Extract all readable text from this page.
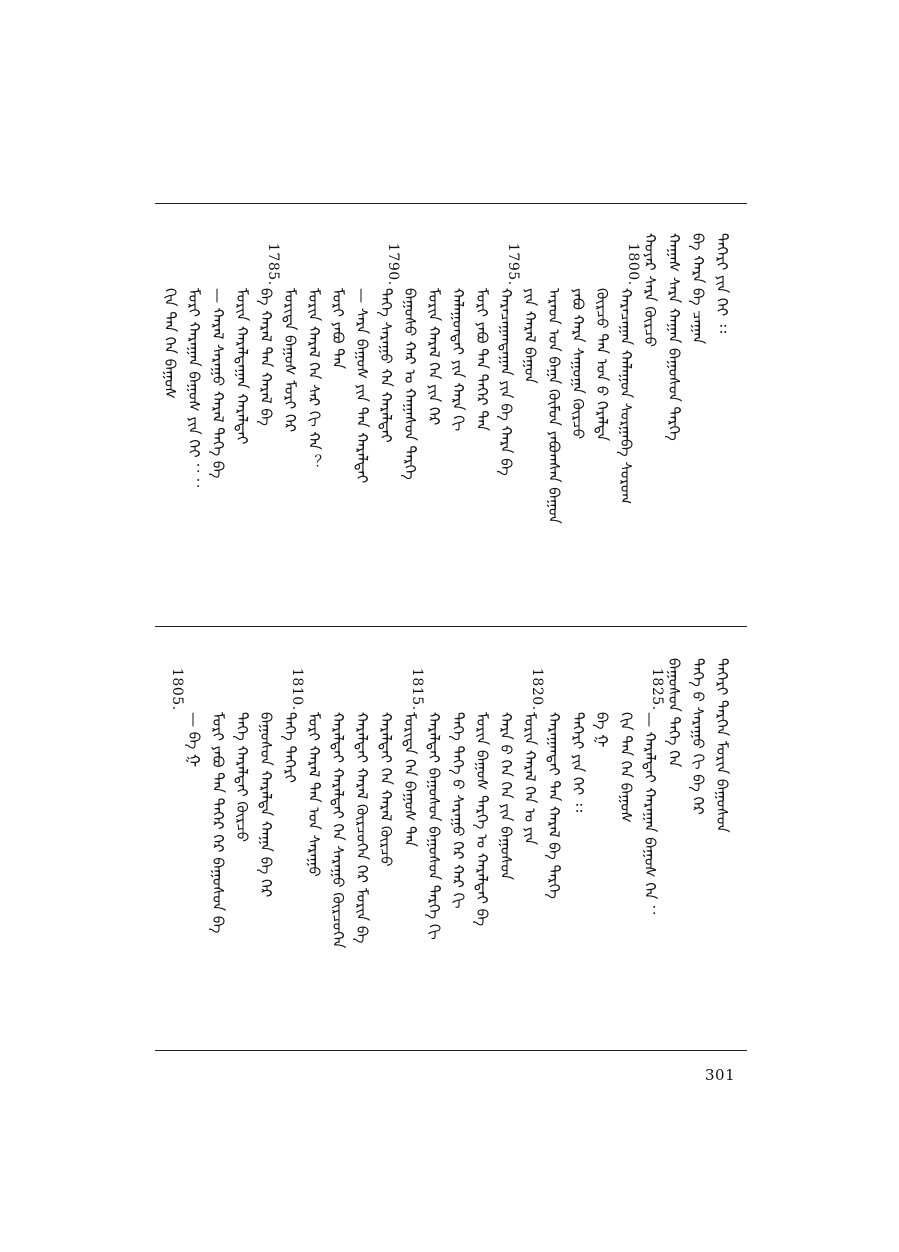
ᠲᠡᠭᠡᠷᠢ ᠶᠢᠨ ᠬᠡᠢ ᠄᠄
ᠪᠠ ᠬᠠᠷᠠ ᠪᠠ ᠴᠠᠭᠠᠨ
ᠬᠠᠭᠠᠰ ᠰᠠᠷᠠ ᠬᠠᠭᠠᠨ ᠪᠠᠭᠤᠰᠤᠨ ᠲᠡᠷᠭᠡ
ᠬᠣᠶᠠᠷ ᠰᠠᠷᠠ ᠬᠦᠷᠴᠦ
ᠬᠠᠷᠠᠴᠠᠭᠠᠨ ᠬᠠᠯᠠᠭᠤᠨ ᠰᠤᠷᠭᠠᠪᠠ ᠰᠤᠷᠤᠭ
ᠬᠦᠷᠴᠦ ᠲᠡᠨ ᠣᠨ ᠪ ᠭᠡᠷᠡᠯᠲᠡ
ᠶᠠᠪᠤ ᠬᠠᠷᠠ ᠰᠠᠭᠤᠭᠠ ᠬᠦᠷᠴᠦ
ᠠᠷᠠᠳ ᠤᠨ ᠪᠠᠭᠠ ᠬᠦᠮᠦᠨ ᠶᠠᠪᠤᠭᠰᠠᠨ ᠪᠠᠭᠤᠨ
ᠶᠢᠨ ᠬᠠᠷᠠᠯ ᠪᠠᠭᠤᠨ
ᠬᠠᠷᠠᠴᠠᠭᠠᠨᠲᠠᠭᠠᠨ ᠶᠢᠨ ᠪᠠ ᠬᠠᠷᠠ ᠪᠠ
ᠮᠣᠷᠢ ᠶᠠᠪᠤ ᠲᠡᠨ ᠲᠡᠭᠡᠷ ᠲᠡᠨ
ᠬᠠᠯᠠᠭᠤᠨᠲᠠᠢ ᠶᠢᠨ ᠬᠠᠷᠠ ᠬᠢ
ᠮᠣᠷᠢᠨ ᠬᠠᠷᠠᠯ ᠬᠡᠨ ᠶᠢᠨ ᠬᠡᠷ
ᠪᠠᠭᠤᠰᠤ ᠬᠠᠷ ᠤ ᠬᠠᠭᠠᠰᠤᠨ ᠲᠡᠷᠭᠡ
ᠲᠡᠭᠡ ᠰᠠᠷᠠᠭᠤ ᠬᠠ ᠬᠠᠷᠠᠯᠲᠠᠢ
— ᠰᠠᠷᠠ ᠪᠠᠭᠤᠰ ᠶᠢᠨ ᠲᠡᠨ ᠬᠠᠷᠠᠯᠲᠠᠢ
ᠮᠣᠷᠢ ᠶᠠᠪᠤ ᠲᠡᠨ
ᠮᠣᠷᠢᠨ ᠬᠠᠷᠠᠯ ᠬᠡᠨ ᠰᠠᠷ ᠬᠢ ᠬᠠ ？
ᠮᠣᠷᠢᠲᠠ ᠪᠠᠭᠤᠰ ᠮᠣᠷᠢ ᠬᠡᠷ
ᠪᠠ ᠬᠠᠷᠠᠯ ᠲᠡᠨ ᠬᠠᠷᠠᠯ ᠪᠠ
ᠮᠣᠷᠢᠨ ᠬᠠᠷᠠᠯᠲᠠᠭᠠᠨ ᠬᠠᠷᠠᠯᠲᠠᠢ
— ᠬᠠᠷᠠᠯ ᠰᠠᠷᠠᠭᠤ ᠬᠠᠷᠠᠯ ᠲᠡᠭᠡ ᠪᠠ
ᠮᠣᠷᠢ ᠬᠠᠷᠠᠭᠠᠨ ᠪᠠᠭᠤᠰ ᠶᠢᠨ ᠬᠡᠢ ：：
ᠬᠢᠨ ᠲᠡᠨ ᠬᠡᠨ ᠪᠠᠭᠤᠰ
1800.
1795.
1790.
1785.
ᠲᠡᠭᠡᠷᠢ ᠲᠡᠷᠭᠡᠨ ᠮᠣᠷᠢᠨ ᠪᠠᠭᠤᠰᠤᠨ
ᠲᠡᠭᠡ ᠪ ᠰᠠᠷᠠᠭᠤ ᠬᠢ ᠪᠠ ᠬᠡᠷ
ᠪᠠᠭᠤᠰᠤᠨ ᠲᠡᠭᠡ ᠬᠡᠨ
— ᠬᠠᠷᠠᠯᠲᠠᠢ ᠬᠠᠷᠠᠭᠠᠨ ᠪᠠᠭᠤᠰ ᠬᠡᠨ ：
ᠬᠢᠨ ᠲᠡᠨ ᠬᠡᠨ ᠪᠠᠭᠤᠰ
ᠪᠠ ᠭ
ᠲᠡᠭᠡᠷᠢ ᠶᠢᠨ ᠬᠡᠢ ᠄᠄
ᠬᠠᠷᠠᠭᠠᠨᠲᠠᠢ ᠲᠡᠨ ᠬᠠᠷᠠᠯ ᠪᠠ ᠲᠡᠷᠭᠡ
ᠮᠣᠷᠢᠨ ᠬᠠᠷᠠᠯ ᠬᠡᠨ ᠤ ᠶᠢᠨ
ᠬᠠᠷᠠ ᠪ ᠬᠡᠨ ᠬᠡᠨ ᠶᠢᠨ ᠪᠠᠭᠤᠰᠤᠨ
ᠮᠣᠷᠢᠨ ᠪᠠᠭᠤᠰ ᠲᠡᠷᠭᠡ ᠤ ᠬᠠᠷᠠᠯᠲᠠᠢ ᠪᠠ
ᠲᠡᠭᠡ ᠲᠡᠭᠡ ᠪ ᠰᠠᠷᠠᠭᠤ ᠬᠡᠷ ᠬᠠᠷ ᠬᠢ
ᠬᠠᠷᠠᠯᠲᠠᠢ ᠪᠠᠭᠤᠰᠤᠨ ᠪᠠᠭᠤᠰᠤᠨ ᠲᠡᠷᠭᠡ ᠬᠢ
ᠮᠣᠷᠢᠲᠠ ᠬᠡᠨ ᠪᠠᠭᠤᠰ ᠲᠡᠨ
ᠬᠠᠷᠠᠯᠲᠠᠢ ᠬᠡᠨ ᠬᠠᠷᠠᠯ ᠬᠦᠷᠴᠦ
ᠬᠠᠷᠠᠯᠲᠠᠢ ᠬᠠᠷᠠᠯ ᠬᠦᠷᠴᠦᠭᠡᠨ ᠬᠡᠷ ᠮᠣᠷᠢᠨ ᠪᠠ
ᠬᠠᠷᠠᠯᠲᠠᠢ ᠬᠠᠷᠠᠯᠲᠠᠢ ᠬᠡᠨ ᠰᠠᠷᠠᠭᠤ ᠬᠦᠷᠴᠦᠭᠡᠨ
ᠮᠣᠷᠢ ᠬᠠᠷᠠᠯ ᠲᠡᠨ ᠤᠨ ᠰᠠᠷᠠᠭᠤ
ᠲᠡᠭᠡ ᠲᠡᠭᠡᠷᠢ
ᠪᠠᠭᠤᠰᠤᠨ ᠬᠠᠷᠠᠯᠲᠠ ᠬᠠᠭᠠ ᠪᠠ ᠬᠡᠷ
ᠲᠡᠭᠡ ᠬᠠᠷᠠᠯᠲᠠᠢ ᠬᠦᠷᠴᠦ
ᠮᠣᠷᠢ ᠶᠠᠪᠤ ᠲᠡᠨ ᠲᠡᠭᠡᠷ ᠬᠡᠷ ᠪᠠᠭᠤᠰᠤᠨ ᠪᠠ
— ᠪᠠ ᠭ
1825.
1820.
1815.
1810.
1805.
301
